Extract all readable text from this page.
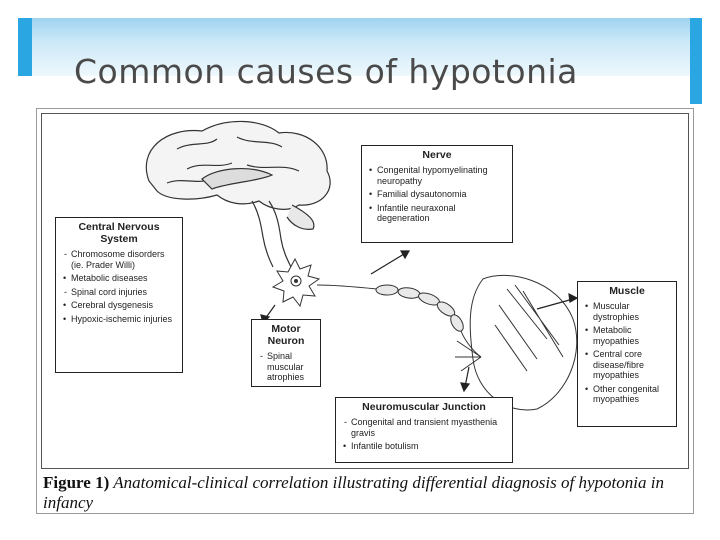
Common causes of hypotonia
Central Nervous System
- Chromosome disorders (ie. Prader Willi)
• Metabolic diseases
- Spinal cord injuries
• Cerebral dysgenesis
• Hypoxic-ischemic injuries
Nerve
• Congenital hypomyelinating neuropathy
• Familial dysautonomia
• Infantile neuraxonal degeneration
Motor Neuron
- Spinal muscular atrophies
Muscle
• Muscular dystrophies
• Metabolic myopathies
• Central core disease/fibre myopathies
• Other congenital myopathies
Neuromuscular Junction
- Congenital and transient myasthenia gravis
• Infantile botulism
Figure 1) Anatomical-clinical correlation illustrating differential diagnosis of hypotonia in infancy
